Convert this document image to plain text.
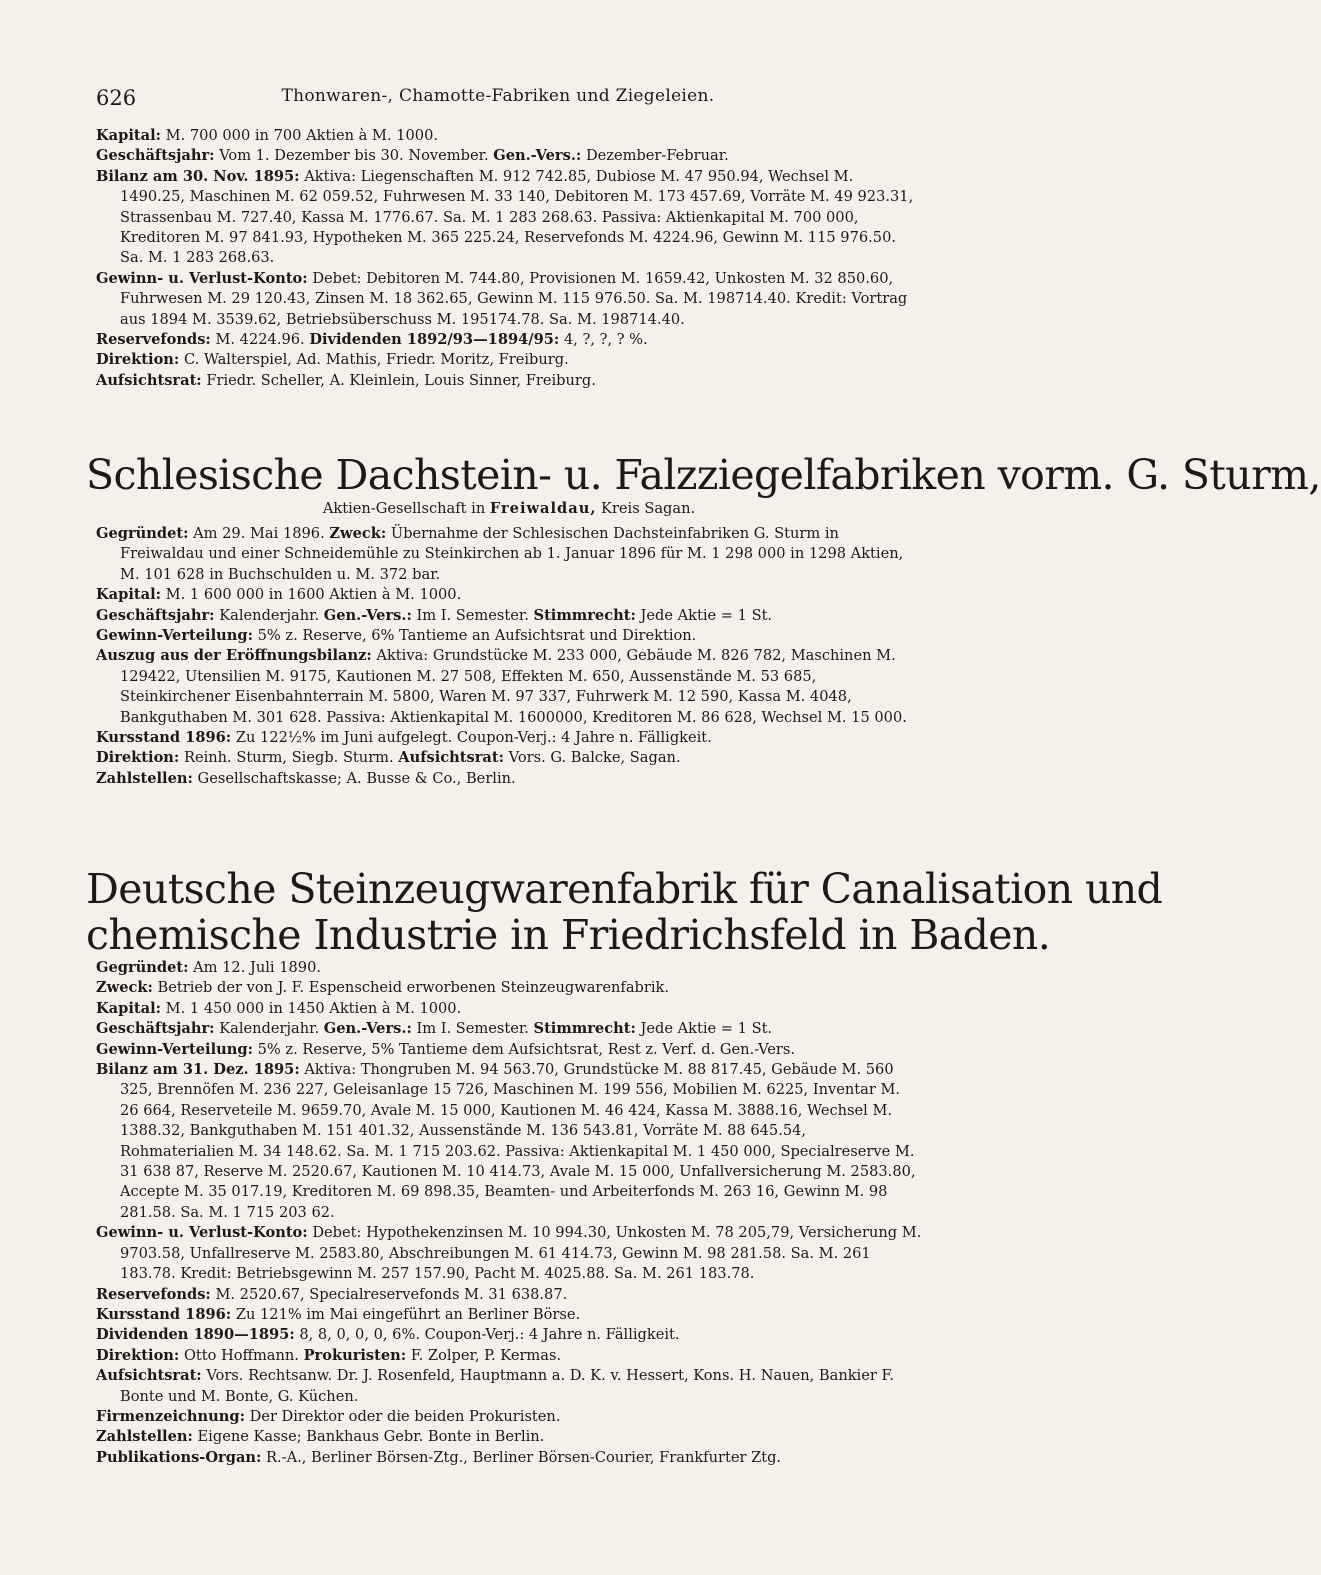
626	Thonwaren-, Chamotte-Fabriken und Ziegeleien.

Kapital: M. 700 000 in 700 Aktien à M. 1000.

Geschäftsjahr: Vom 1. Dezember bis 30. November. Gen.-Vers.: Dezember-Februar.

Bilanz am 30. Nov. 1895: Aktiva: Liegenschaften M. 912 742.85, Dubiose M. 47 950.94, Wechsel M. 1490.25, Maschinen M. 62 059.52, Fuhrwesen M. 33 140, Debitoren M. 173 457.69, Vorräte M. 49 923.31, Strassenbau M. 727.40, Kassa M. 1776.67. Sa. M. 1 283 268.63. Passiva: Aktienkapital M. 700 000, Kreditoren M. 97 841.93, Hypotheken M. 365 225.24, Reservefonds M. 4224.96, Gewinn M. 115 976.50. Sa. M. 1 283 268.63.

Gewinn- u. Verlust-Konto: Debet: Debitoren M. 744.80, Provisionen M. 1659.42, Unkosten M. 32 850.60, Fuhrwesen M. 29 120.43, Zinsen M. 18 362.65, Gewinn M. 115 976.50. Sa. M. 198714.40. Kredit: Vortrag aus 1894 M. 3539.62, Betriebsüberschuss M. 195174.78. Sa. M. 198714.40.

Reservefonds: M. 4224.96. Dividenden 1892/93—1894/95: 4, ?, ?, ? %.

Direktion: C. Walterspiel, Ad. Mathis, Friedr. Moritz, Freiburg.

Aufsichtsrat: Friedr. Scheller, A. Kleinlein, Louis Sinner, Freiburg.

Schlesische Dachstein- u. Falzziegelfabriken vorm. G. Sturm,
Aktien-Gesellschaft in Freiwaldau, Kreis Sagan.

Gegründet: Am 29. Mai 1896. Zweck: Übernahme der Schlesischen Dachsteinfabriken G. Sturm in Freiwaldau und einer Schneidemühle zu Steinkirchen ab 1. Januar 1896 für M. 1 298 000 in 1298 Aktien, M. 101 628 in Buchschulden u. M. 372 bar.

Kapital: M. 1 600 000 in 1600 Aktien à M. 1000.

Geschäftsjahr: Kalenderjahr. Gen.-Vers.: Im I. Semester. Stimmrecht: Jede Aktie = 1 St.

Gewinn-Verteilung: 5% z. Reserve, 6% Tantieme an Aufsichtsrat und Direktion.

Auszug aus der Eröffnungsbilanz: Aktiva: Grundstücke M. 233 000, Gebäude M. 826 782, Maschinen M. 129422, Utensilien M. 9175, Kautionen M. 27 508, Effekten M. 650, Aussenstände M. 53 685, Steinkirchener Eisenbahnterrain M. 5800, Waren M. 97 337, Fuhrwerk M. 12 590, Kassa M. 4048, Bankguthaben M. 301 628. Passiva: Aktienkapital M. 1600000, Kreditoren M. 86 628, Wechsel M. 15 000.

Kursstand 1896: Zu 122½% im Juni aufgelegt. Coupon-Verj.: 4 Jahre n. Fälligkeit.

Direktion: Reinh. Sturm, Siegb. Sturm. Aufsichtsrat: Vors. G. Balcke, Sagan.

Zahlstellen: Gesellschaftskasse; A. Busse & Co., Berlin.

Deutsche Steinzeugwarenfabrik für Canalisation und
chemische Industrie in Friedrichsfeld in Baden.

Gegründet: Am 12. Juli 1890.

Zweck: Betrieb der von J. F. Espenscheid erworbenen Steinzeugwarenfabrik.

Kapital: M. 1 450 000 in 1450 Aktien à M. 1000.

Geschäftsjahr: Kalenderjahr. Gen.-Vers.: Im I. Semester. Stimmrecht: Jede Aktie = 1 St.

Gewinn-Verteilung: 5% z. Reserve, 5% Tantieme dem Aufsichtsrat, Rest z. Verf. d. Gen.-Vers.

Bilanz am 31. Dez. 1895: Aktiva: Thongruben M. 94 563.70, Grundstücke M. 88 817.45, Gebäude M. 560 325, Brennöfen M. 236 227, Geleisanlage 15 726, Maschinen M. 199 556, Mobilien M. 6225, Inventar M. 26 664, Reserveteile M. 9659.70, Avale M. 15 000, Kautionen M. 46 424, Kassa M. 3888.16, Wechsel M. 1388.32, Bankguthaben M. 151 401.32, Aussenstände M. 136 543.81, Vorräte M. 88 645.54, Rohmaterialien M. 34 148.62. Sa. M. 1 715 203.62. Passiva: Aktienkapital M. 1 450 000, Specialreserve M. 31 638 87, Reserve M. 2520.67, Kautionen M. 10 414.73, Avale M. 15 000, Unfallversicherung M. 2583.80, Accepte M. 35 017.19, Kreditoren M. 69 898.35, Beamten- und Arbeiterfonds M. 263 16, Gewinn M. 98 281.58. Sa. M. 1 715 203 62.

Gewinn- u. Verlust-Konto: Debet: Hypothekenzinsen M. 10 994.30, Unkosten M. 78 205,79, Versicherung M. 9703.58, Unfallreserve M. 2583.80, Abschreibungen M. 61 414.73, Gewinn M. 98 281.58. Sa. M. 261 183.78. Kredit: Betriebsgewinn M. 257 157.90, Pacht M. 4025.88. Sa. M. 261 183.78.

Reservefonds: M. 2520.67, Specialreservefonds M. 31 638.87.

Kursstand 1896: Zu 121% im Mai eingeführt an Berliner Börse.

Dividenden 1890—1895: 8, 8, 0, 0, 0, 6%. Coupon-Verj.: 4 Jahre n. Fälligkeit.

Direktion: Otto Hoffmann. Prokuristen: F. Zolper, P. Kermas.

Aufsichtsrat: Vors. Rechtsanw. Dr. J. Rosenfeld, Hauptmann a. D. K. v. Hessert, Kons. H. Nauen, Bankier F. Bonte und M. Bonte, G. Küchen.

Firmenzeichnung: Der Direktor oder die beiden Prokuristen.

Zahlstellen: Eigene Kasse; Bankhaus Gebr. Bonte in Berlin.

Publikations-Organ: R.-A., Berliner Börsen-Ztg., Berliner Börsen-Courier, Frankfurter Ztg.
